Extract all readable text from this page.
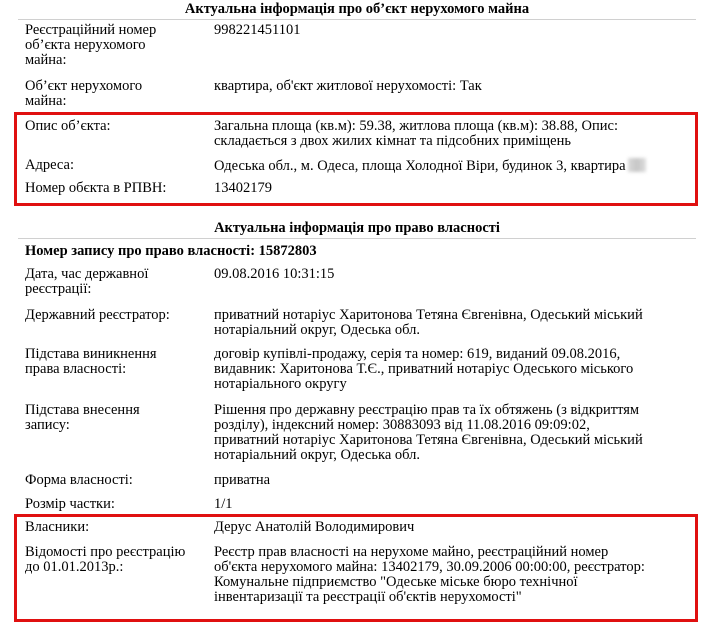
Актуальна інформація про об’єкт нерухомого майна
Реєстраційний номер
об’єкта нерухомого
майна:
998221451101
Об’єкт нерухомого
майна:
квартира, об'єкт житлової нерухомості: Так
Опис об’єкта:	Загальна площа (кв.м): 59.38, житлова площа (кв.м): 38.88, Опис:
складається з двох жилих кімнат та підсобних приміщень
Адреса:	Одеська обл., м. Одеса, площа Холодної Віри, будинок 3, квартира
Номер обєкта в РПВН:	13402179
Актуальна інформація про право власності
Номер запису про право власності: 15872803
Дата, час державної
реєстрації:
09.08.2016 10:31:15
Державний реєстратор:	приватний нотаріус Харитонова Тетяна Євгенівна, Одеський міський
нотаріальний округ, Одеська обл.
Підстава виникнення
права власності:
договір купівлі-продажу, серія та номер: 619, виданий 09.08.2016,
видавник: Харитонова Т.Є., приватний нотаріус Одеського міського
нотаріального округу
Підстава внесення
запису:
Рішення про державну реєстрацію прав та їх обтяжень (з відкриттям
розділу), індексний номер: 30883093 від 11.08.2016 09:09:02,
приватний нотаріус Харитонова Тетяна Євгенівна, Одеський міський
нотаріальний округ, Одеська обл.
Форма власності:	приватна
Розмір частки:	1/1
Власники:	Дерус Анатолій Володимирович
Відомості про реєстрацію
до 01.01.2013р.:
Реєстр прав власності на нерухоме майно, реєстраційний номер
об'єкта нерухомого майна: 13402179, 30.09.2006 00:00:00, реєстратор:
Комунальне підприємство "Одеське міське бюро технічної
інвентаризації та реєстрації об'єктів нерухомості"
